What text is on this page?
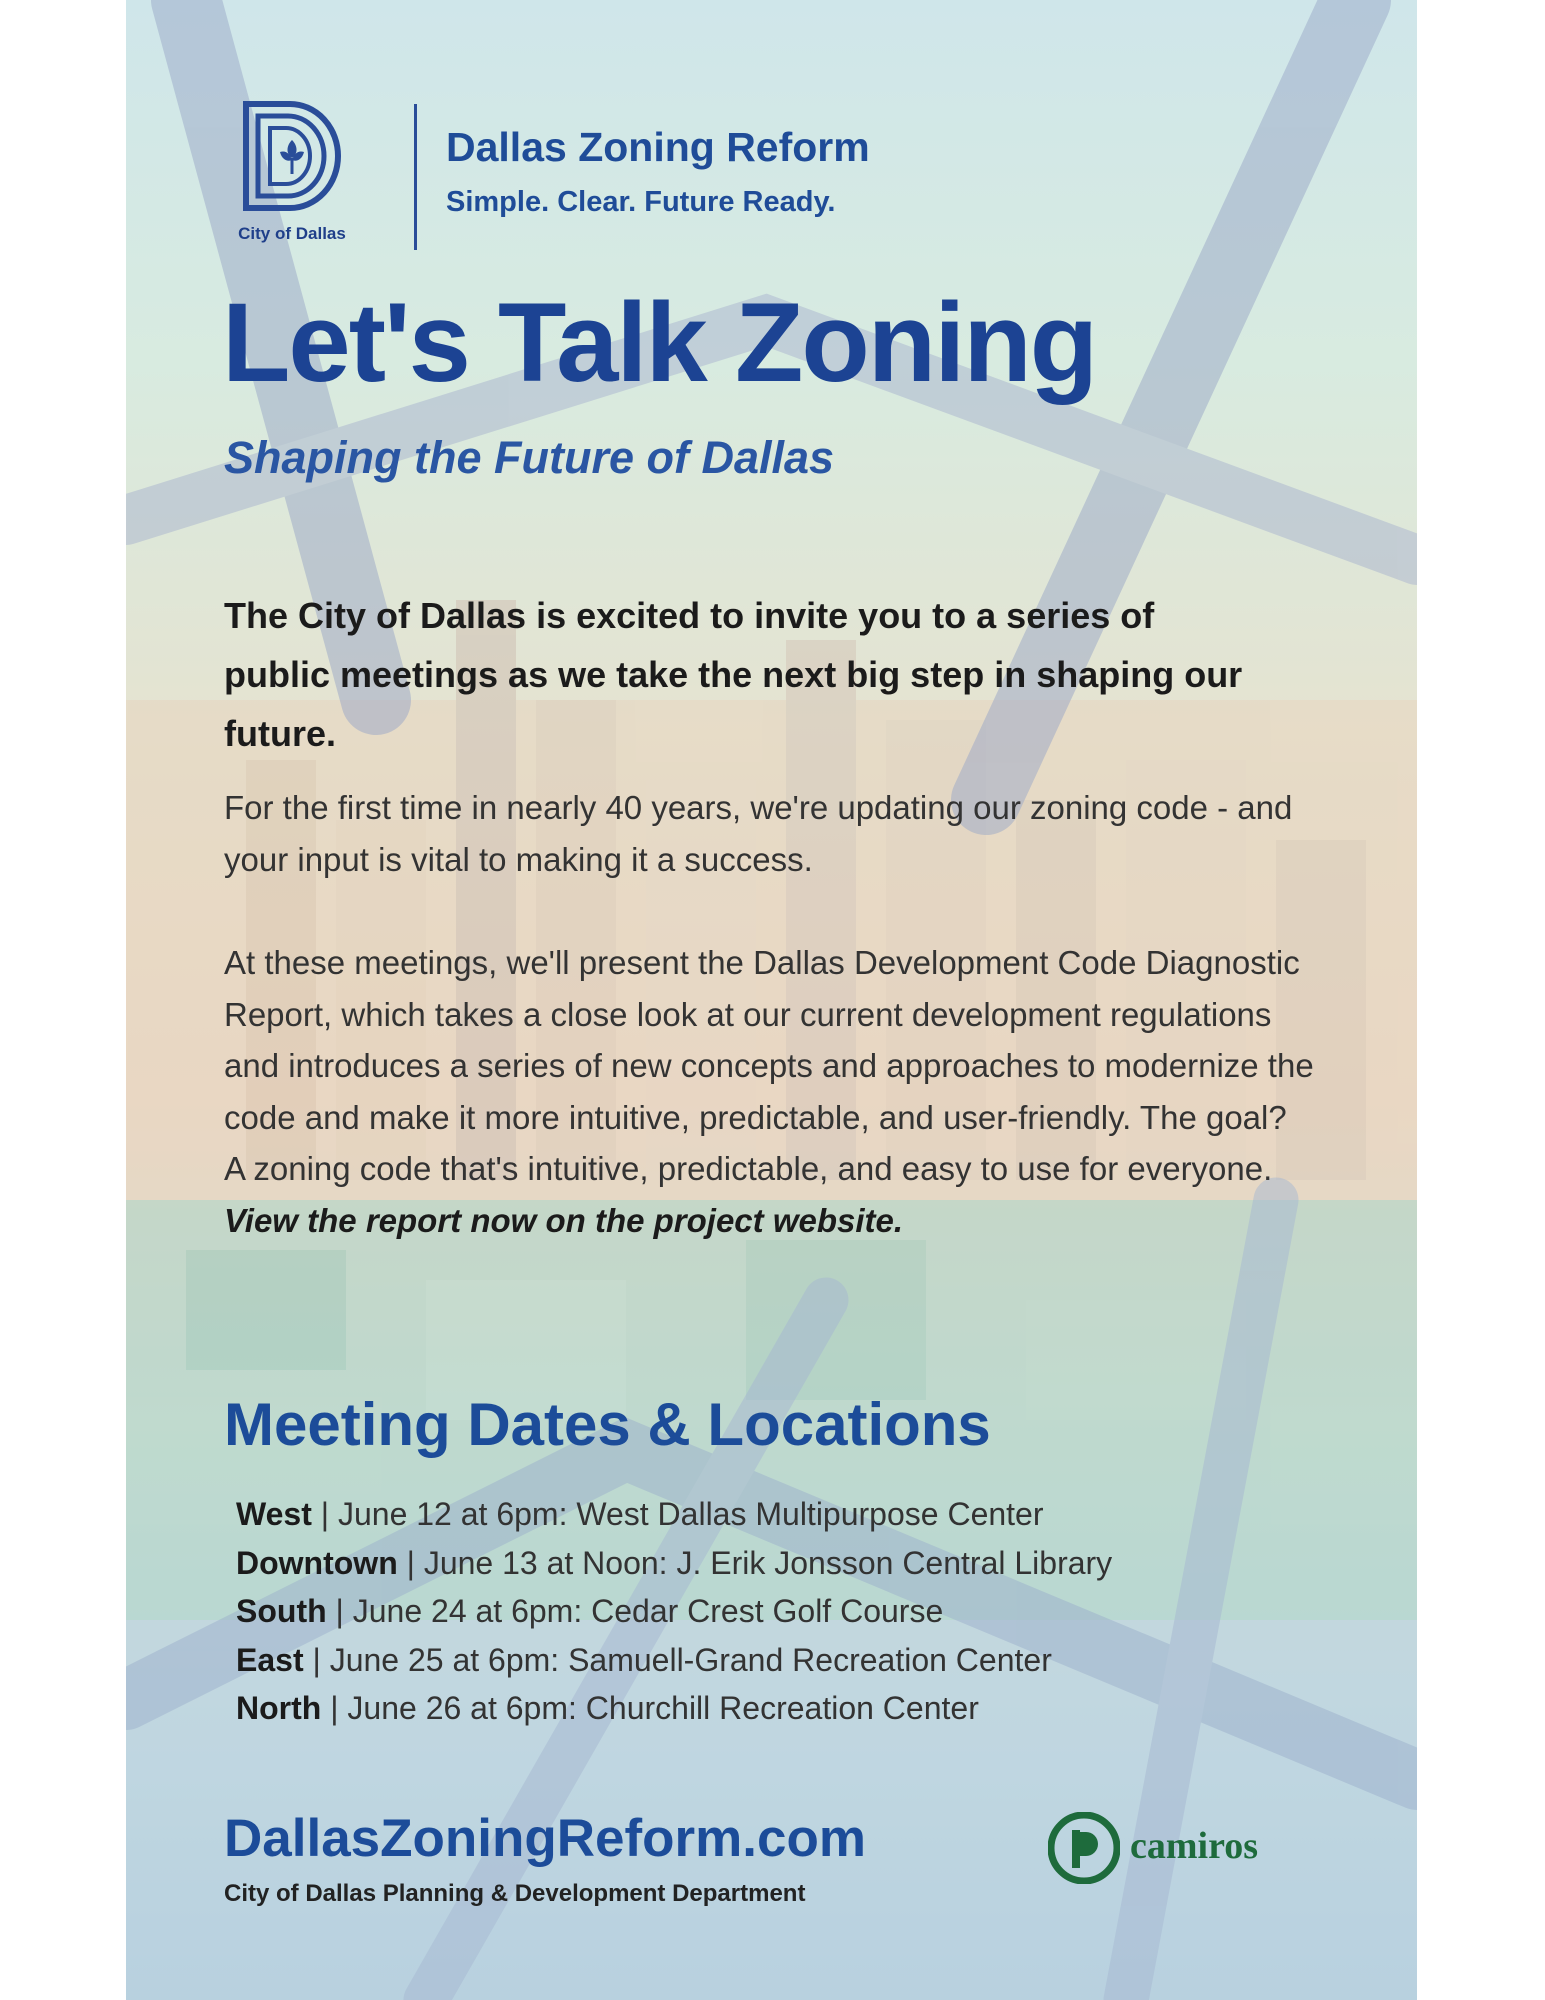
City of Dallas
Dallas Zoning Reform
Simple. Clear. Future Ready.
Let's Talk Zoning
Shaping the Future of Dallas

The City of Dallas is excited to invite you to a series of public meetings as we take the next big step in shaping our future.

For the first time in nearly 40 years, we're updating our zoning code - and your input is vital to making it a success.

At these meetings, we'll present the Dallas Development Code Diagnostic Report, which takes a close look at our current development regulations and introduces a series of new concepts and approaches to modernize the code and make it more intuitive, predictable, and user-friendly. The goal? A zoning code that's intuitive, predictable, and easy to use for everyone.  View the report now on the project website.

Meeting Dates & Locations
West | June 12 at 6pm: West Dallas Multipurpose Center
Downtown | June 13 at Noon: J. Erik Jonsson Central Library
South | June 24 at 6pm: Cedar Crest Golf Course
East | June 25 at 6pm: Samuell-Grand Recreation Center
North | June 26 at 6pm: Churchill Recreation Center
DallasZoningReform.com
City of Dallas Planning & Development Department
camiros
